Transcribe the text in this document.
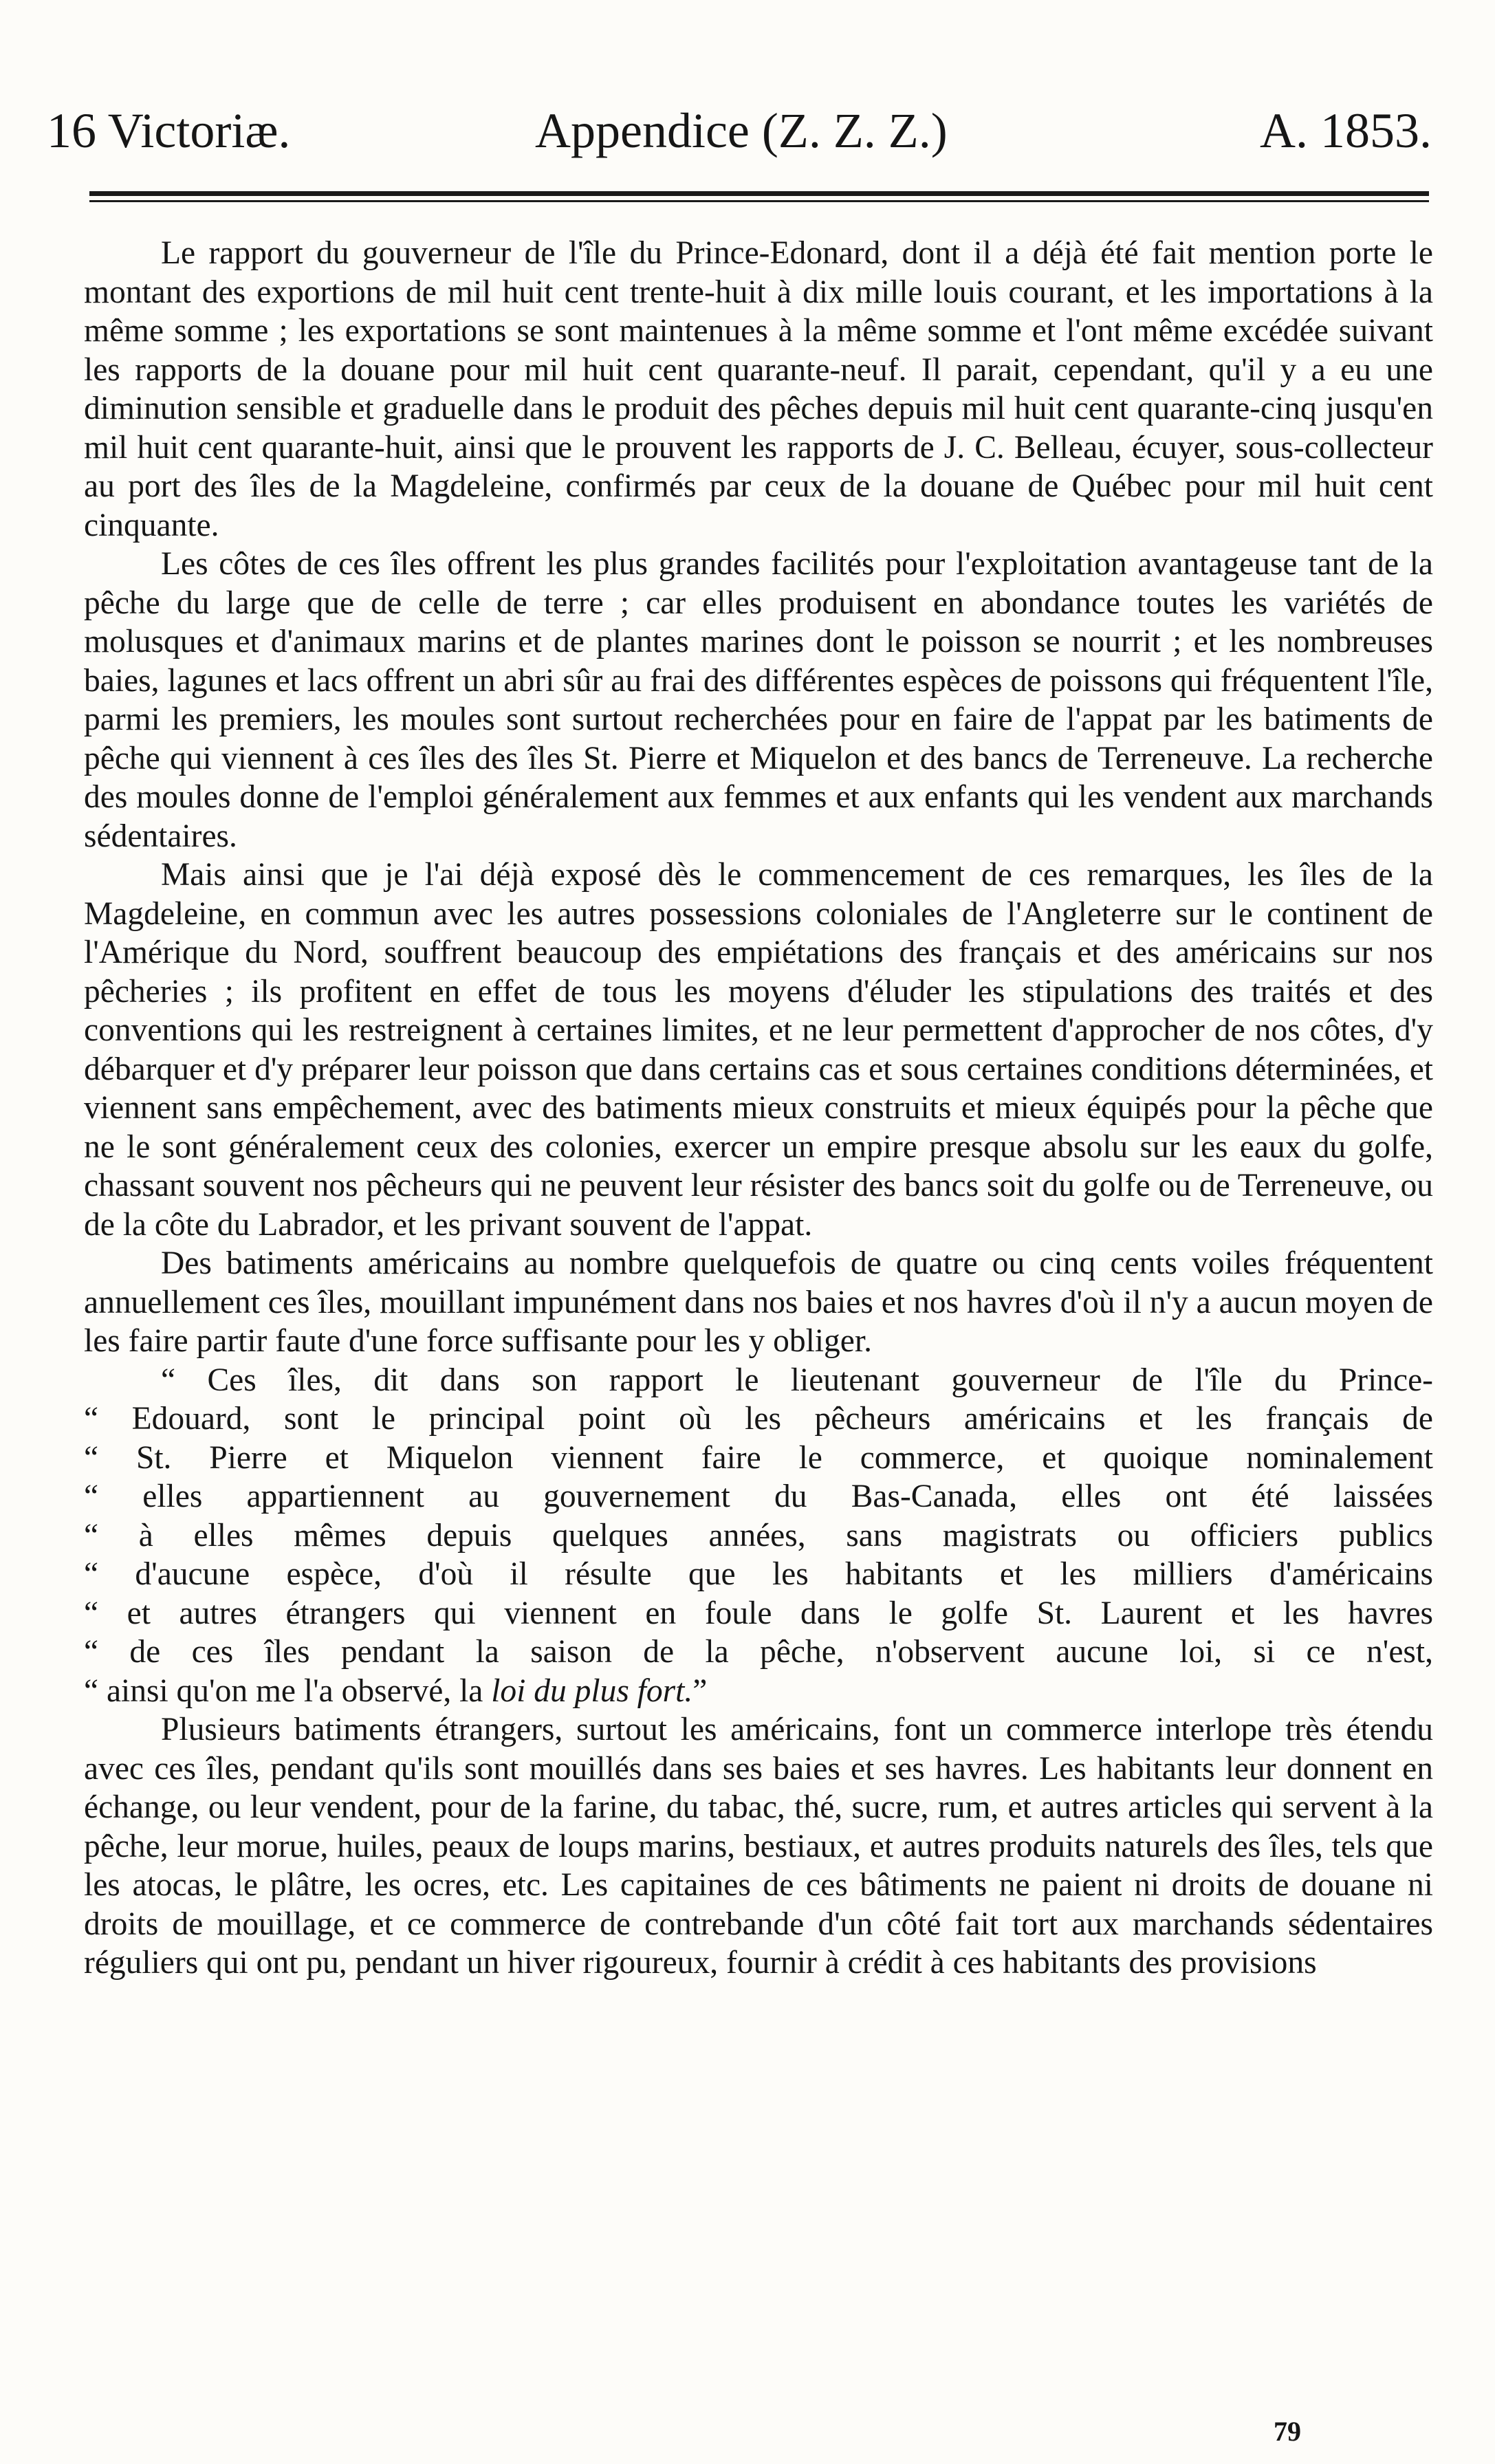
16 Victoriæ.	Appendice (Z. Z. Z.)	A. 1853.

Le rapport du gouverneur de l'île du Prince-Edonard, dont il a déjà été fait mention porte le montant des exportions de mil huit cent trente-huit à dix mille louis courant, et les importations à la même somme ; les exportations se sont maintenues à la même somme et l'ont même excédée suivant les rapports de la douane pour mil huit cent quarante-neuf. Il parait, cependant, qu'il y a eu une diminution sensible et graduelle dans le produit des pêches depuis mil huit cent quarante-cinq jusqu'en mil huit cent quarante-huit, ainsi que le prouvent les rapports de J. C. Belleau, écuyer, sous-collecteur au port des îles de la Magdeleine, confirmés par ceux de la douane de Québec pour mil huit cent cinquante.

Les côtes de ces îles offrent les plus grandes facilités pour l'exploitation avantageuse tant de la pêche du large que de celle de terre ; car elles produisent en abondance toutes les variétés de molusques et d'animaux marins et de plantes marines dont le poisson se nourrit ; et les nombreuses baies, lagunes et lacs offrent un abri sûr au frai des différentes espèces de poissons qui fréquentent l'île, parmi les premiers, les moules sont surtout recherchées pour en faire de l'appat par les batiments de pêche qui viennent à ces îles des îles St. Pierre et Miquelon et des bancs de Terreneuve. La recherche des moules donne de l'emploi généralement aux femmes et aux enfants qui les vendent aux marchands sédentaires.

Mais ainsi que je l'ai déjà exposé dès le commencement de ces remarques, les îles de la Magdeleine, en commun avec les autres possessions coloniales de l'Angleterre sur le continent de l'Amérique du Nord, souffrent beaucoup des empiétations des français et des américains sur nos pêcheries ; ils profitent en effet de tous les moyens d'éluder les stipulations des traités et des conventions qui les restreignent à certaines limites, et ne leur permettent d'approcher de nos côtes, d'y débarquer et d'y préparer leur poisson que dans certains cas et sous certaines conditions déterminées, et viennent sans empêchement, avec des batiments mieux construits et mieux équipés pour la pêche que ne le sont généralement ceux des colonies, exercer un empire presque absolu sur les eaux du golfe, chassant souvent nos pêcheurs qui ne peuvent leur résister des bancs soit du golfe ou de Terreneuve, ou de la côte du Labrador, et les privant souvent de l'appat.

Des batiments américains au nombre quelquefois de quatre ou cinq cents voiles fréquentent annuellement ces îles, mouillant impunément dans nos baies et nos havres d'où il n'y a aucun moyen de les faire partir faute d'une force suffisante pour les y obliger.

“ Ces îles, dit dans son rapport le lieutenant gouverneur de l'île du Prince-
“ Edouard, sont le principal point où les pêcheurs américains et les français de
“ St. Pierre et Miquelon viennent faire le commerce, et quoique nominalement
“ elles appartiennent au gouvernement du Bas-Canada, elles ont été laissées
“ à elles mêmes depuis quelques années, sans magistrats ou officiers publics
“ d'aucune espèce, d'où il résulte que les habitants et les milliers d'américains
“ et autres étrangers qui viennent en foule dans le golfe St. Laurent et les havres
“ de ces îles pendant la saison de la pêche, n'observent aucune loi, si ce n'est,
“ ainsi qu'on me l'a observé, la loi du plus fort.”

Plusieurs batiments étrangers, surtout les américains, font un commerce interlope très étendu avec ces îles, pendant qu'ils sont mouillés dans ses baies et ses havres. Les habitants leur donnent en échange, ou leur vendent, pour de la farine, du tabac, thé, sucre, rum, et autres articles qui servent à la pêche, leur morue, huiles, peaux de loups marins, bestiaux, et autres produits naturels des îles, tels que les atocas, le plâtre, les ocres, etc. Les capitaines de ces bâtiments ne paient ni droits de douane ni droits de mouillage, et ce commerce de contrebande d'un côté fait tort aux marchands sédentaires réguliers qui ont pu, pendant un hiver rigoureux, fournir à crédit à ces habitants des provisions

79
